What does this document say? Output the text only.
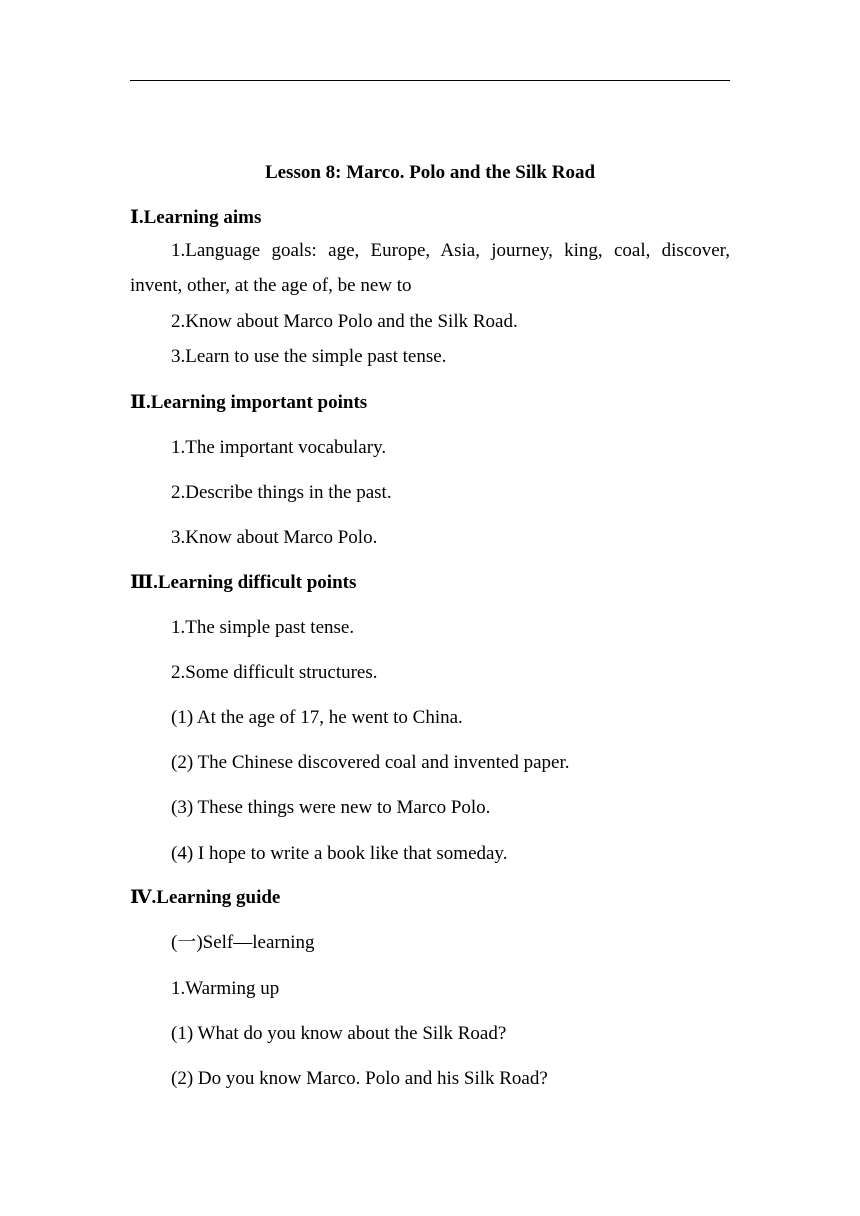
Lesson 8: Marco. Polo and the Silk Road
Ⅰ.Learning aims
1.Language goals: age, Europe, Asia, journey, king, coal, discover, invent, other, at the age of, be new to
2.Know about Marco Polo and the Silk Road.
3.Learn to use the simple past tense.
Ⅱ.Learning important points
1.The important vocabulary.
2.Describe things in the past.
3.Know about Marco Polo.
Ⅲ.Learning difficult points
1.The simple past tense.
2.Some difficult structures.
(1) At the age of 17, he went to China.
(2) The Chinese discovered coal and invented paper.
(3) These things were new to Marco Polo.
(4) I hope to write a book like that someday.
Ⅳ.Learning guide
(一)Self—learning
1.Warming up
(1) What do you know about the Silk Road?
(2) Do you know Marco. Polo and his Silk Road?
